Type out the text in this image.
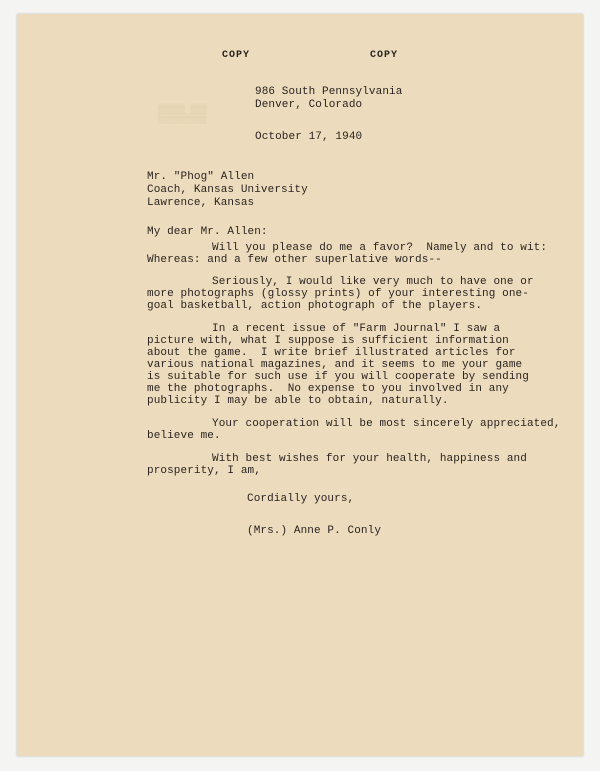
▒▒▒▒▒ ▒▒▒
▒▒▒▒▒▒▒▒▒
COPY	COPY
986 South Pennsylvania
Denver, Colorado
October 17, 1940
Mr. "Phog" Allen
Coach, Kansas University
Lawrence, Kansas
My dear Mr. Allen:
Will you please do me a favor?  Namely and to wit:
Whereas: and a few other superlative words--
Seriously, I would like very much to have one or
more photographs (glossy prints) of your interesting one-
goal basketball, action photograph of the players.
In a recent issue of "Farm Journal" I saw a
picture with, what I suppose is sufficient information
about the game.  I write brief illustrated articles for
various national magazines, and it seems to me your game
is suitable for such use if you will cooperate by sending
me the photographs.  No expense to you involved in any
publicity I may be able to obtain, naturally.
Your cooperation will be most sincerely appreciated,
believe me.
With best wishes for your health, happiness and
prosperity, I am,
Cordially yours,
(Mrs.) Anne P. Conly
